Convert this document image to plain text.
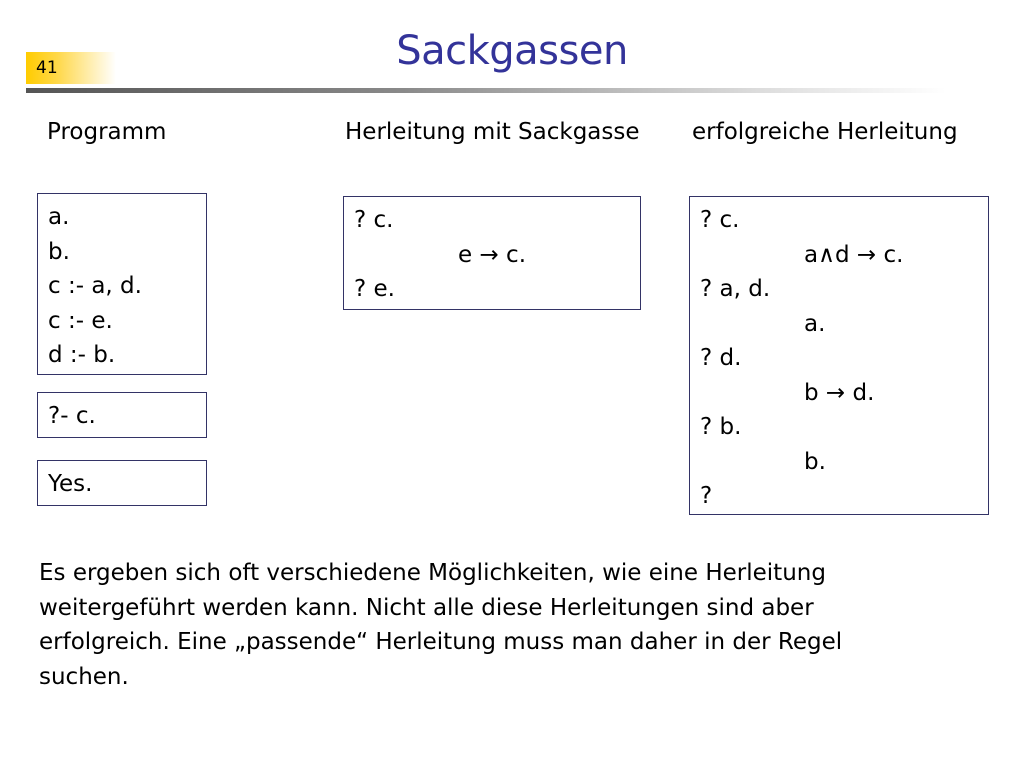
41	Sackgassen
Programm	Herleitung mit Sackgasse erfolgreiche Herleitung
a.
b.
c :- a, d.
c :- e.
d :- b.
?- c.
Yes.
? c.
e → c.
? e.
? c.
a∧d → c.
? a, d.
a.
? d.
b → d.
? b.
b.
?
Es ergeben sich oft verschiedene Möglichkeiten, wie eine Herleitung weitergeführt werden kann. Nicht alle diese Herleitungen sind aber erfolgreich. Eine „passende“ Herleitung muss man daher in der Regel suchen.
